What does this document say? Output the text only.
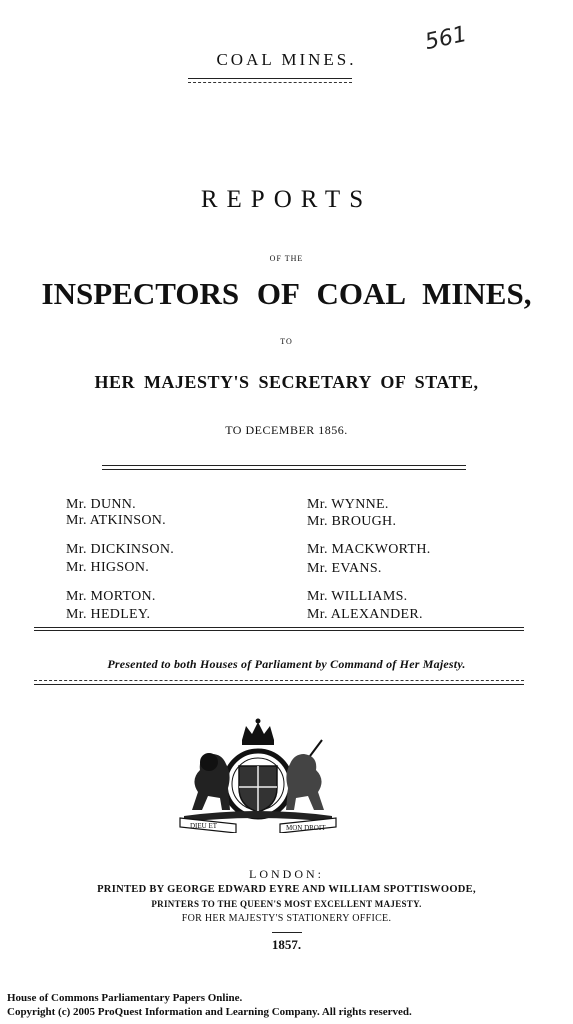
561
COAL MINES.
REPORTS
OF THE
INSPECTORS OF COAL MINES,
TO
HER MAJESTY'S SECRETARY OF STATE,
TO DECEMBER 1856.
Mr. DUNN.
Mr. ATKINSON.
Mr. DICKINSON.
Mr. HIGSON.
Mr. MORTON.
Mr. HEDLEY.
Mr. WYNNE.
Mr. BROUGH.
Mr. MACKWORTH.
Mr. EVANS.
Mr. WILLIAMS.
Mr. ALEXANDER.
Presented to both Houses of Parliament by Command of Her Majesty.
DIEU ET	MON DROIT
LONDON:
PRINTED BY GEORGE EDWARD EYRE AND WILLIAM SPOTTISWOODE,
PRINTERS TO THE QUEEN'S MOST EXCELLENT MAJESTY.
FOR HER MAJESTY'S STATIONERY OFFICE.
1857.
House of Commons Parliamentary Papers Online.
Copyright (c) 2005 ProQuest Information and Learning Company. All rights reserved.
